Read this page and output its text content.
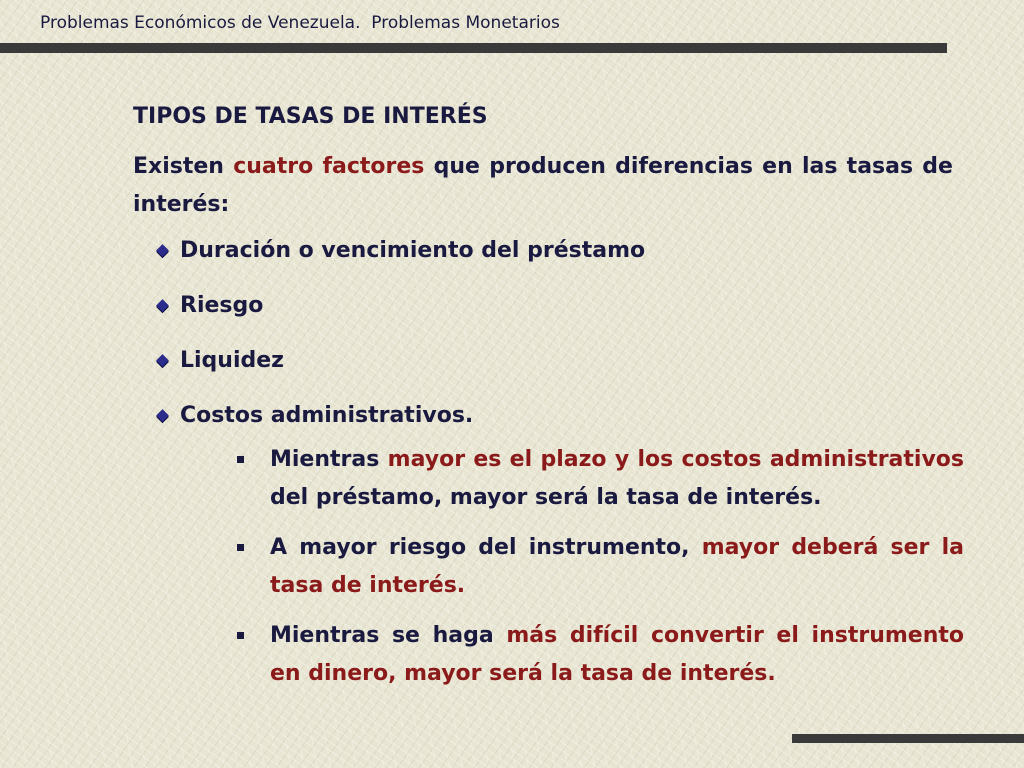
Problemas Económicos de Venezuela.  Problemas Monetarios
TIPOS DE TASAS DE INTERÉS
Existen cuatro factores que producen diferencias en las tasas de interés:
Duración o vencimiento del préstamo
Riesgo
Liquidez
Costos administrativos.
Mientras mayor es el plazo y los costos administrativos del préstamo, mayor será la tasa de interés.
A mayor riesgo del instrumento, mayor deberá ser la tasa de interés.
Mientras se haga más difícil convertir el instrumento en dinero, mayor será la tasa de interés.
